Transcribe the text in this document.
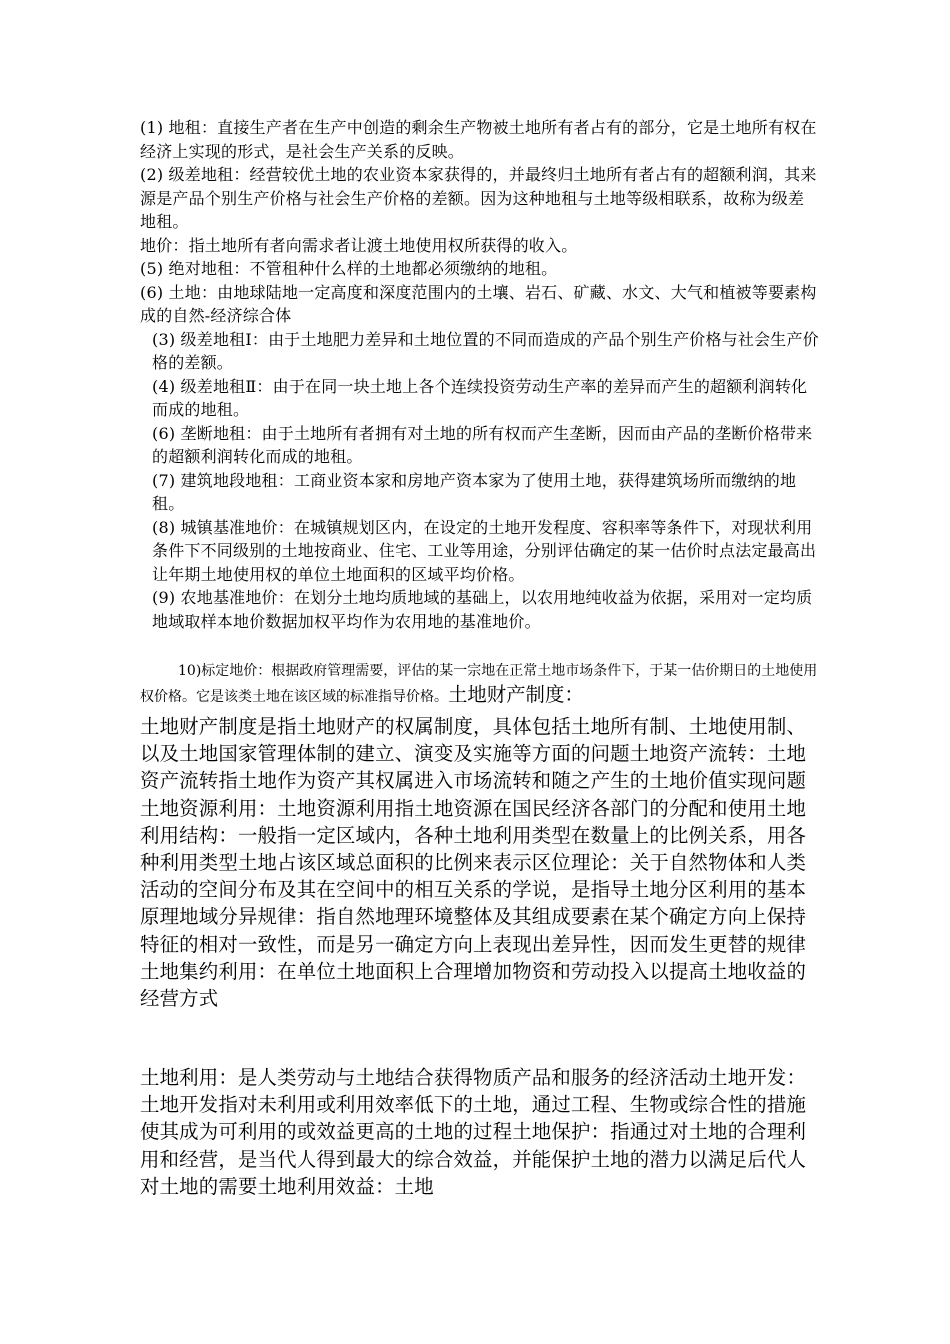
(1) 地租：直接生产者在生产中创造的剩余生产物被土地所有者占有的部分，它是土地所有权在经济上实现的形式，是社会生产关系的反映。

(2) 级差地租：经营较优土地的农业资本家获得的，并最终归土地所有者占有的超额利润，其来源是产品个别生产价格与社会生产价格的差额。因为这种地租与土地等级相联系，故称为级差地租。

地价：指土地所有者向需求者让渡土地使用权所获得的收入。

(5) 绝对地租：不管租种什么样的土地都必须缴纳的地租。

(6) 土地：由地球陆地一定高度和深度范围内的土壤、岩石、矿藏、水文、大气和植被等要素构成的自然-经济综合体

(3) 级差地租Ⅰ：由于土地肥力差异和土地位置的不同而造成的产品个别生产价格与社会生产价格的差额。

(4) 级差地租Ⅱ：由于在同一块土地上各个连续投资劳动生产率的差异而产生的超额利润转化而成的地租。

(6) 垄断地租：由于土地所有者拥有对土地的所有权而产生垄断，因而由产品的垄断价格带来的超额利润转化而成的地租。

(7) 建筑地段地租：工商业资本家和房地产资本家为了使用土地，获得建筑场所而缴纳的地租。

(8) 城镇基准地价：在城镇规划区内，在设定的土地开发程度、容积率等条件下，对现状利用条件下不同级别的土地按商业、住宅、工业等用途，分别评估确定的某一估价时点法定最高出让年期土地使用权的单位土地面积的区域平均价格。

(9) 农地基准地价：在划分土地均质地域的基础上，以农用地纯收益为依据，采用对一定均质地域取样本地价数据加权平均作为农用地的基准地价。

10)标定地价：根据政府管理需要，评估的某一宗地在正常土地市场条件下，于某一估价期日的土地使用权价格。它是该类土地在该区域的标准指导价格。土地财产制度：
土地财产制度是指土地财产的权属制度，具体包括土地所有制、土地使用制、以及土地国家管理体制的建立、演变及实施等方面的问题土地资产流转：土地资产流转指土地作为资产其权属进入市场流转和随之产生的土地价值实现问题土地资源利用：土地资源利用指土地资源在国民经济各部门的分配和使用土地利用结构：一般指一定区域内，各种土地利用类型在数量上的比例关系，用各种利用类型土地占该区域总面积的比例来表示区位理论：关于自然物体和人类活动的空间分布及其在空间中的相互关系的学说，是指导土地分区利用的基本原理地域分异规律：指自然地理环境整体及其组成要素在某个确定方向上保持特征的相对一致性，而是另一确定方向上表现出差异性，因而发生更替的规律土地集约利用：在单位土地面积上合理增加物资和劳动投入以提高土地收益的经营方式
土地利用：是人类劳动与土地结合获得物质产品和服务的经济活动土地开发：土地开发指对未利用或利用效率低下的土地，通过工程、生物或综合性的措施使其成为可利用的或效益更高的土地的过程土地保护：指通过对土地的合理利用和经营，是当代人得到最大的综合效益，并能保护土地的潜力以满足后代人对土地的需要土地利用效益：土地
